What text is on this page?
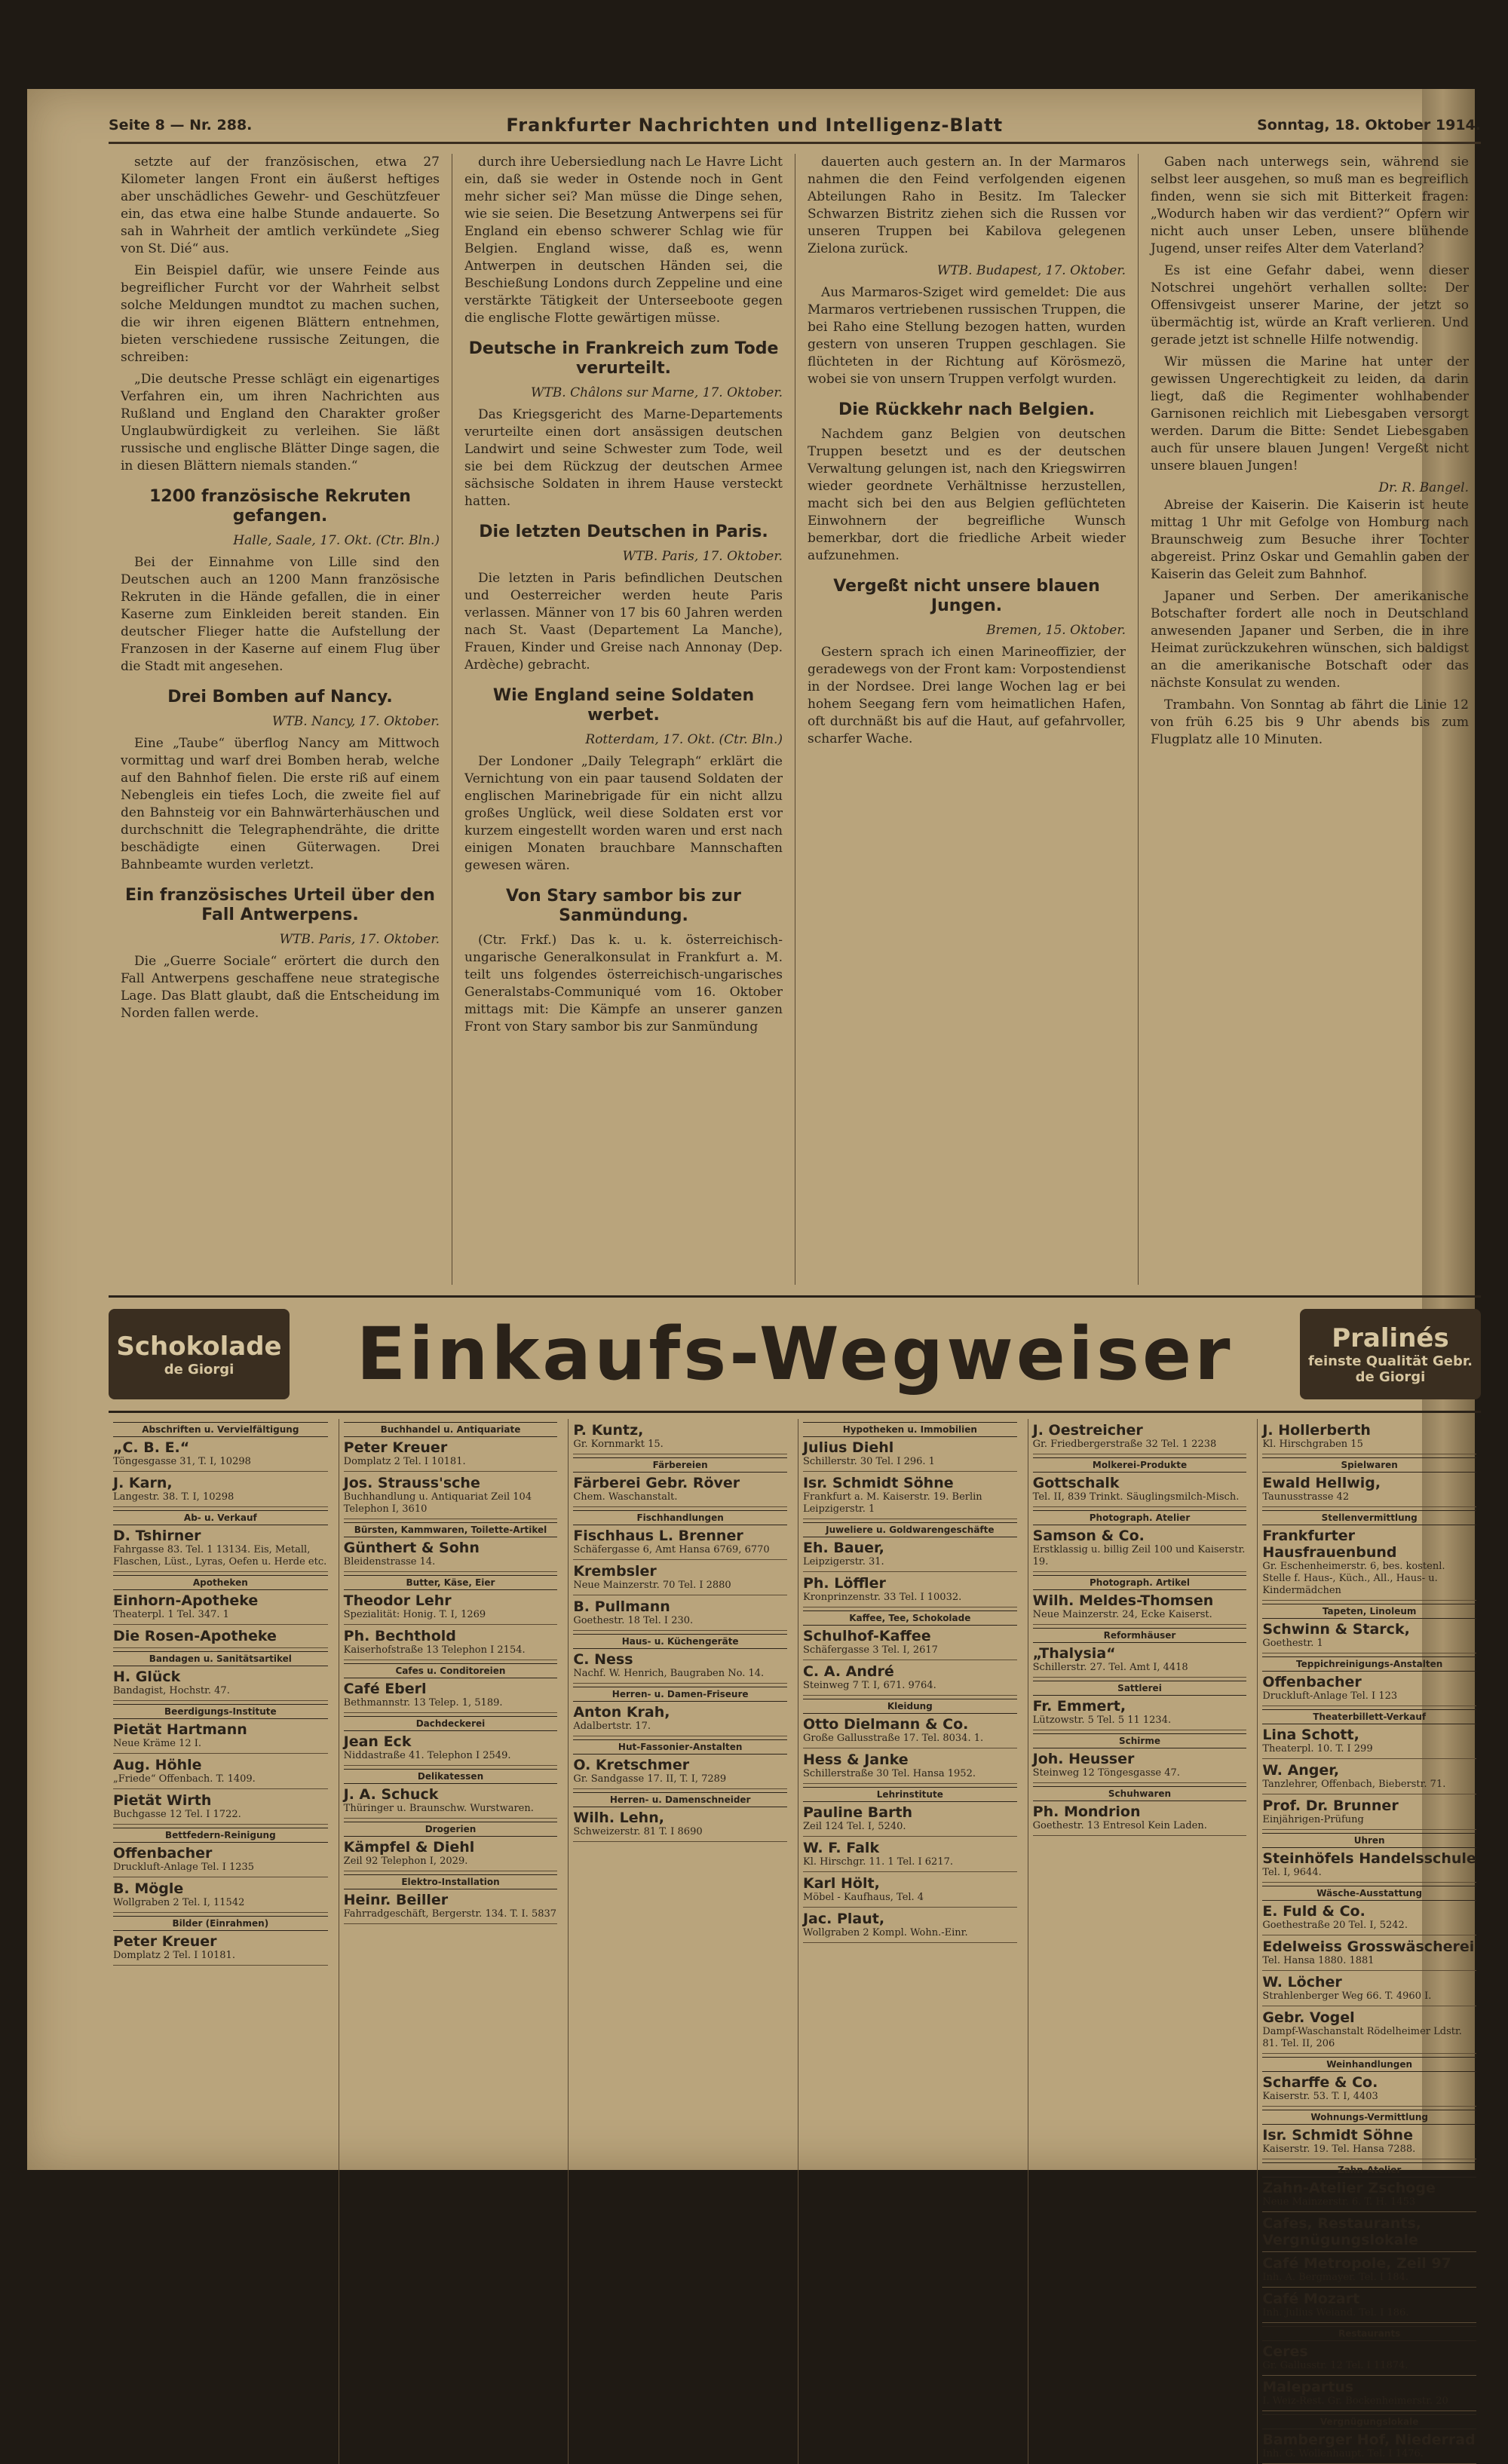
Seite 8 — Nr. 288.	Frankfurter Nachrichten und Intelligenz-Blatt	Sonntag, 18. Oktober 1914.

setzte auf der französischen, etwa 27 Kilometer langen Front ein äußerst heftiges aber unschädliches Gewehr- und Geschützfeuer ein, das etwa eine halbe Stunde andauerte. So sah in Wahrheit der amtlich verkündete „Sieg von St. Dié“ aus.

Ein Beispiel dafür, wie unsere Feinde aus begreiflicher Furcht vor der Wahrheit selbst solche Meldungen mundtot zu machen suchen, die wir ihren eigenen Blättern entnehmen, bieten verschiedene russische Zeitungen, die schreiben:

„Die deutsche Presse schlägt ein eigenartiges Verfahren ein, um ihren Nachrichten aus Rußland und England den Charakter großer Unglaubwürdigkeit zu verleihen. Sie läßt russische und englische Blätter Dinge sagen, die in diesen Blättern niemals standen.“

1200 französische Rekruten gefangen.
Halle, Saale, 17. Okt. (Ctr. Bln.)

Bei der Einnahme von Lille sind den Deutschen auch an 1200 Mann französische Rekruten in die Hände gefallen, die in einer Kaserne zum Einkleiden bereit standen. Ein deutscher Flieger hatte die Aufstellung der Franzosen in der Kaserne auf einem Flug über die Stadt mit angesehen.

Drei Bomben auf Nancy.
WTB. Nancy, 17. Oktober.

Eine „Taube“ überflog Nancy am Mittwoch vormittag und warf drei Bomben herab, welche auf den Bahnhof fielen. Die erste riß auf einem Nebengleis ein tiefes Loch, die zweite fiel auf den Bahnsteig vor ein Bahnwärterhäuschen und durchschnitt die Telegraphendrähte, die dritte beschädigte einen Güterwagen. Drei Bahnbeamte wurden verletzt.

Ein französisches Urteil über den Fall Antwerpens.
WTB. Paris, 17. Oktober.

Die „Guerre Sociale“ erörtert die durch den Fall Antwerpens geschaffene neue strategische Lage. Das Blatt glaubt, daß die Entscheidung im Norden fallen werde.

durch ihre Uebersiedlung nach Le Havre Licht ein, daß sie weder in Ostende noch in Gent mehr sicher sei? Man müsse die Dinge sehen, wie sie seien. Die Besetzung Antwerpens sei für England ein ebenso schwerer Schlag wie für Belgien. England wisse, daß es, wenn Antwerpen in deutschen Händen sei, die Beschießung Londons durch Zeppeline und eine verstärkte Tätigkeit der Unterseeboote gegen die englische Flotte gewärtigen müsse.

Deutsche in Frankreich zum Tode verurteilt.
WTB. Châlons sur Marne, 17. Oktober.

Das Kriegsgericht des Marne-Departements verurteilte einen dort ansässigen deutschen Landwirt und seine Schwester zum Tode, weil sie bei dem Rückzug der deutschen Armee sächsische Soldaten in ihrem Hause versteckt hatten.

Die letzten Deutschen in Paris.
WTB. Paris, 17. Oktober.

Die letzten in Paris befindlichen Deutschen und Oesterreicher werden heute Paris verlassen. Männer von 17 bis 60 Jahren werden nach St. Vaast (Departement La Manche), Frauen, Kinder und Greise nach Annonay (Dep. Ardèche) gebracht.

Wie England seine Soldaten werbet.
Rotterdam, 17. Okt. (Ctr. Bln.)

Der Londoner „Daily Telegraph“ erklärt die Vernichtung von ein paar tausend Soldaten der englischen Marinebrigade für ein nicht allzu großes Unglück, weil diese Soldaten erst vor kurzem eingestellt worden waren und erst nach einigen Monaten brauchbare Mannschaften gewesen wären.

Von Stary sambor bis zur Sanmündung.

(Ctr. Frkf.) Das k. u. k. österreichisch-ungarische Generalkonsulat in Frankfurt a. M. teilt uns folgendes österreichisch-ungarisches Generalstabs-Communiqué vom 16. Oktober mittags mit: Die Kämpfe an unserer ganzen Front von Stary sambor bis zur Sanmündung

dauerten auch gestern an. In der Marmaros nahmen die den Feind verfolgenden eigenen Abteilungen Raho in Besitz. Im Talecker Schwarzen Bistritz ziehen sich die Russen vor unseren Truppen bei Kabilova gelegenen Zielona zurück.

WTB. Budapest, 17. Oktober.

Aus Marmaros-Sziget wird gemeldet: Die aus Marmaros vertriebenen russischen Truppen, die bei Raho eine Stellung bezogen hatten, wurden gestern von unseren Truppen geschlagen. Sie flüchteten in der Richtung auf Körösmezö, wobei sie von unsern Truppen verfolgt wurden.

Die Rückkehr nach Belgien.

Nachdem ganz Belgien von deutschen Truppen besetzt und es der deutschen Verwaltung gelungen ist, nach den Kriegswirren wieder geordnete Verhältnisse herzustellen, macht sich bei den aus Belgien geflüchteten Einwohnern der begreifliche Wunsch bemerkbar, dort die friedliche Arbeit wieder aufzunehmen.

Vergeßt nicht unsere blauen Jungen.
Bremen, 15. Oktober.

Gestern sprach ich einen Marineoffizier, der geradewegs von der Front kam: Vorpostendienst in der Nordsee. Drei lange Wochen lag er bei hohem Seegang fern vom heimatlichen Hafen, oft durchnäßt bis auf die Haut, auf gefahrvoller, scharfer Wache.

Gaben nach unterwegs sein, während sie selbst leer ausgehen, so muß man es begreiflich finden, wenn sie sich mit Bitterkeit fragen: „Wodurch haben wir das verdient?“ Opfern wir nicht auch unser Leben, unsere blühende Jugend, unser reifes Alter dem Vaterland?

Es ist eine Gefahr dabei, wenn dieser Notschrei ungehört verhallen sollte: Der Offensivgeist unserer Marine, der jetzt so übermächtig ist, würde an Kraft verlieren. Und gerade jetzt ist schnelle Hilfe notwendig.

Wir müssen die Marine hat unter der gewissen Ungerechtigkeit zu leiden, da darin liegt, daß die Regimenter wohlhabender Garnisonen reichlich mit Liebesgaben versorgt werden. Darum die Bitte: Sendet Liebesgaben auch für unsere blauen Jungen! Vergeßt nicht unsere blauen Jungen!

Dr. R. Bangel.

Abreise der Kaiserin. Die Kaiserin ist heute mittag 1 Uhr mit Gefolge von Homburg nach Braunschweig zum Besuche ihrer Tochter abgereist. Prinz Oskar und Gemahlin gaben der Kaiserin das Geleit zum Bahnhof.

Japaner und Serben. Der amerikanische Botschafter fordert alle noch in Deutschland anwesenden Japaner und Serben, die in ihre Heimat zurückzukehren wünschen, sich baldigst an die amerikanische Botschaft oder das nächste Konsulat zu wenden.

Trambahn. Von Sonntag ab fährt die Linie 12 von früh 6.25 bis 9 Uhr abends bis zum Flugplatz alle 10 Minuten.

Schokolade
de Giorgi Einkaufs-Wegweiser	Pralinés
feinste Qualität Gebr. de Giorgi
Abschriften u. Vervielfältigung
„C. B. E.“
Töngesgasse 31, T. I, 10298
J. Karn,
Langestr. 38. T. I, 10298
Ab- u. Verkauf
D. Tshirner
Fahrgasse 83. Tel. 1 13134. Eis, Metall, Flaschen, Lüst., Lyras, Oefen u. Herde etc.
Apotheken
Einhorn-Apotheke
Theaterpl. 1 Tel. 347. 1
Die Rosen-Apotheke
Bandagen u. Sanitätsartikel
H. Glück
Bandagist, Hochstr. 47.
Beerdigungs-Institute
Pietät Hartmann
Neue Kräme 12 I.
Aug. Höhle
„Friede“ Offenbach. T. 1409.
Pietät Wirth
Buchgasse 12 Tel. I 1722.
Bettfedern-Reinigung
Offenbacher
Druckluft-Anlage Tel. I 1235
B. Mögle
Wollgraben 2 Tel. I, 11542
Bilder (Einrahmen)
Peter Kreuer
Domplatz 2 Tel. I 10181.
Buchhandel u. Antiquariate
Peter Kreuer
Domplatz 2 Tel. I 10181.
Jos. Strauss'sche
Buchhandlung u. Antiquariat Zeil 104 Telephon I, 3610
Bürsten, Kammwaren, Toilette-Artikel
Günthert & Sohn
Bleidenstrasse 14.
Butter, Käse, Eier
Theodor Lehr
Spezialität: Honig. T. I, 1269
Ph. Bechthold
Kaiserhofstraße 13 Telephon I 2154.
Cafes u. Conditoreien
Café Eberl
Bethmannstr. 13 Telep. 1, 5189.
Dachdeckerei
Jean Eck
Niddastraße 41. Telephon I 2549.
Delikatessen
J. A. Schuck
Thüringer u. Braunschw. Wurstwaren.
Drogerien
Kämpfel & Diehl
Zeil 92 Telephon I, 2029.
Elektro-Installation
Heinr. Beiller
Fahrradgeschäft, Bergerstr. 134. T. I. 5837
P. Kuntz,
Gr. Kornmarkt 15.
Färbereien
Färberei Gebr. Röver
Chem. Waschanstalt.
Fischhandlungen
Fischhaus L. Brenner
Schäfergasse 6, Amt Hansa 6769, 6770
Krembsler
Neue Mainzerstr. 70 Tel. I 2880
B. Pullmann
Goethestr. 18 Tel. I 230.
Haus- u. Küchengeräte
C. Ness
Nachf. W. Henrich, Baugraben No. 14.
Herren- u. Damen-Friseure
Anton Krah,
Adalbertstr. 17.
Hut-Fassonier-Anstalten
O. Kretschmer
Gr. Sandgasse 17. II, T. I, 7289
Herren- u. Damenschneider
Wilh. Lehn,
Schweizerstr. 81 T. I 8690
Hypotheken u. Immobilien
Julius Diehl
Schillerstr. 30 Tel. I 296. 1
Isr. Schmidt Söhne
Frankfurt a. M. Kaiserstr. 19. Berlin Leipzigerstr. 1
Juweliere u. Goldwarengeschäfte
Eh. Bauer,
Leipzigerstr. 31.
Ph. Löffler
Kronprinzenstr. 33 Tel. I 10032.
Kaffee, Tee, Schokolade
Schulhof-Kaffee
Schäfergasse 3 Tel. I, 2617
C. A. André
Steinweg 7 T. I, 671. 9764.
Kleidung
Otto Dielmann & Co.
Große Gallusstraße 17. Tel. 8034. 1.
Hess & Janke
Schillerstraße 30 Tel. Hansa 1952.
Lehrinstitute
Pauline Barth
Zeil 124 Tel. I, 5240.
W. F. Falk
Kl. Hirschgr. 11. 1 Tel. I 6217.
Karl Hölt,
Möbel - Kaufhaus, Tel. 4
Jac. Plaut,
Wollgraben 2 Kompl. Wohn.-Einr.
J. Oestreicher
Gr. Friedbergerstraße 32 Tel. 1 2238
Molkerei-Produkte
Gottschalk
Tel. II, 839 Trinkt. Säuglingsmilch-Misch.
Photograph. Atelier
Samson & Co.
Erstklassig u. billig Zeil 100 und Kaiserstr. 19.
Photograph. Artikel
Wilh. Meldes-Thomsen
Neue Mainzerstr. 24, Ecke Kaiserst.
Reformhäuser
„Thalysia“
Schillerstr. 27. Tel. Amt I, 4418
Sattlerei
Fr. Emmert,
Lützowstr. 5 Tel. 5 11 1234.
Schirme
Joh. Heusser
Steinweg 12 Töngesgasse 47.
Schuhwaren
Ph. Mondrion
Goethestr. 13 Entresol Kein Laden.
J. Hollerberth
Kl. Hirschgraben 15
Spielwaren
Ewald Hellwig,
Taunusstrasse 42
Stellenvermittlung
Frankfurter Hausfrauenbund
Gr. Eschenheimerstr. 6, bes. kostenl. Stelle f. Haus-, Küch., All., Haus- u. Kindermädchen
Tapeten, Linoleum
Schwinn & Starck,
Goethestr. 1
Teppichreinigungs-Anstalten
Offenbacher
Druckluft-Anlage Tel. I 123
Theaterbillett-Verkauf
Lina Schott,
Theaterpl. 10. T. I 299
W. Anger,
Tanzlehrer, Offenbach, Bieberstr. 71.
Prof. Dr. Brunner
Einjährigen-Prüfung
Uhren
Steinhöfels Handelsschule
Tel. I, 9644.
Wäsche-Ausstattung
E. Fuld & Co.
Goethestraße 20 Tel. I, 5242.
Edelweiss Grosswäscherei
Tel. Hansa 1880. 1881
W. Löcher
Strahlenberger Weg 66. T. 4960 I.
Gebr. Vogel
Dampf-Waschanstalt Rödelheimer Ldstr. 81. Tel. II, 206
Weinhandlungen
Scharffe & Co.
Kaiserstr. 53. T. I, 4403
Wohnungs-Vermittlung
Isr. Schmidt Söhne
Kaiserstr. 19. Tel. Hansa 7288.
Zahn-Atelier
Zahn-Atelier Zschoge
Neue Mainzerstr. 6. T. H. 1453
Cafes, Restaurants, Vergnügungslokale
Café Metropole, Zeil 97
Inh. A. Bergmayer. Tel. I 184.
Café Mozart
Inh. Julius Weiand. Tel. I 186.
Restaurants
Ceres
Gr. Gallusstr. 12 Tel. I 11874.
Malepartus
I. Weiz-Rest. Gr. Bockenheimerstr. 20
Vergnügungslokale
Bamberger Hof, Niederrad
Inh. G. Wollenhaupt. Tel. I 1476.
